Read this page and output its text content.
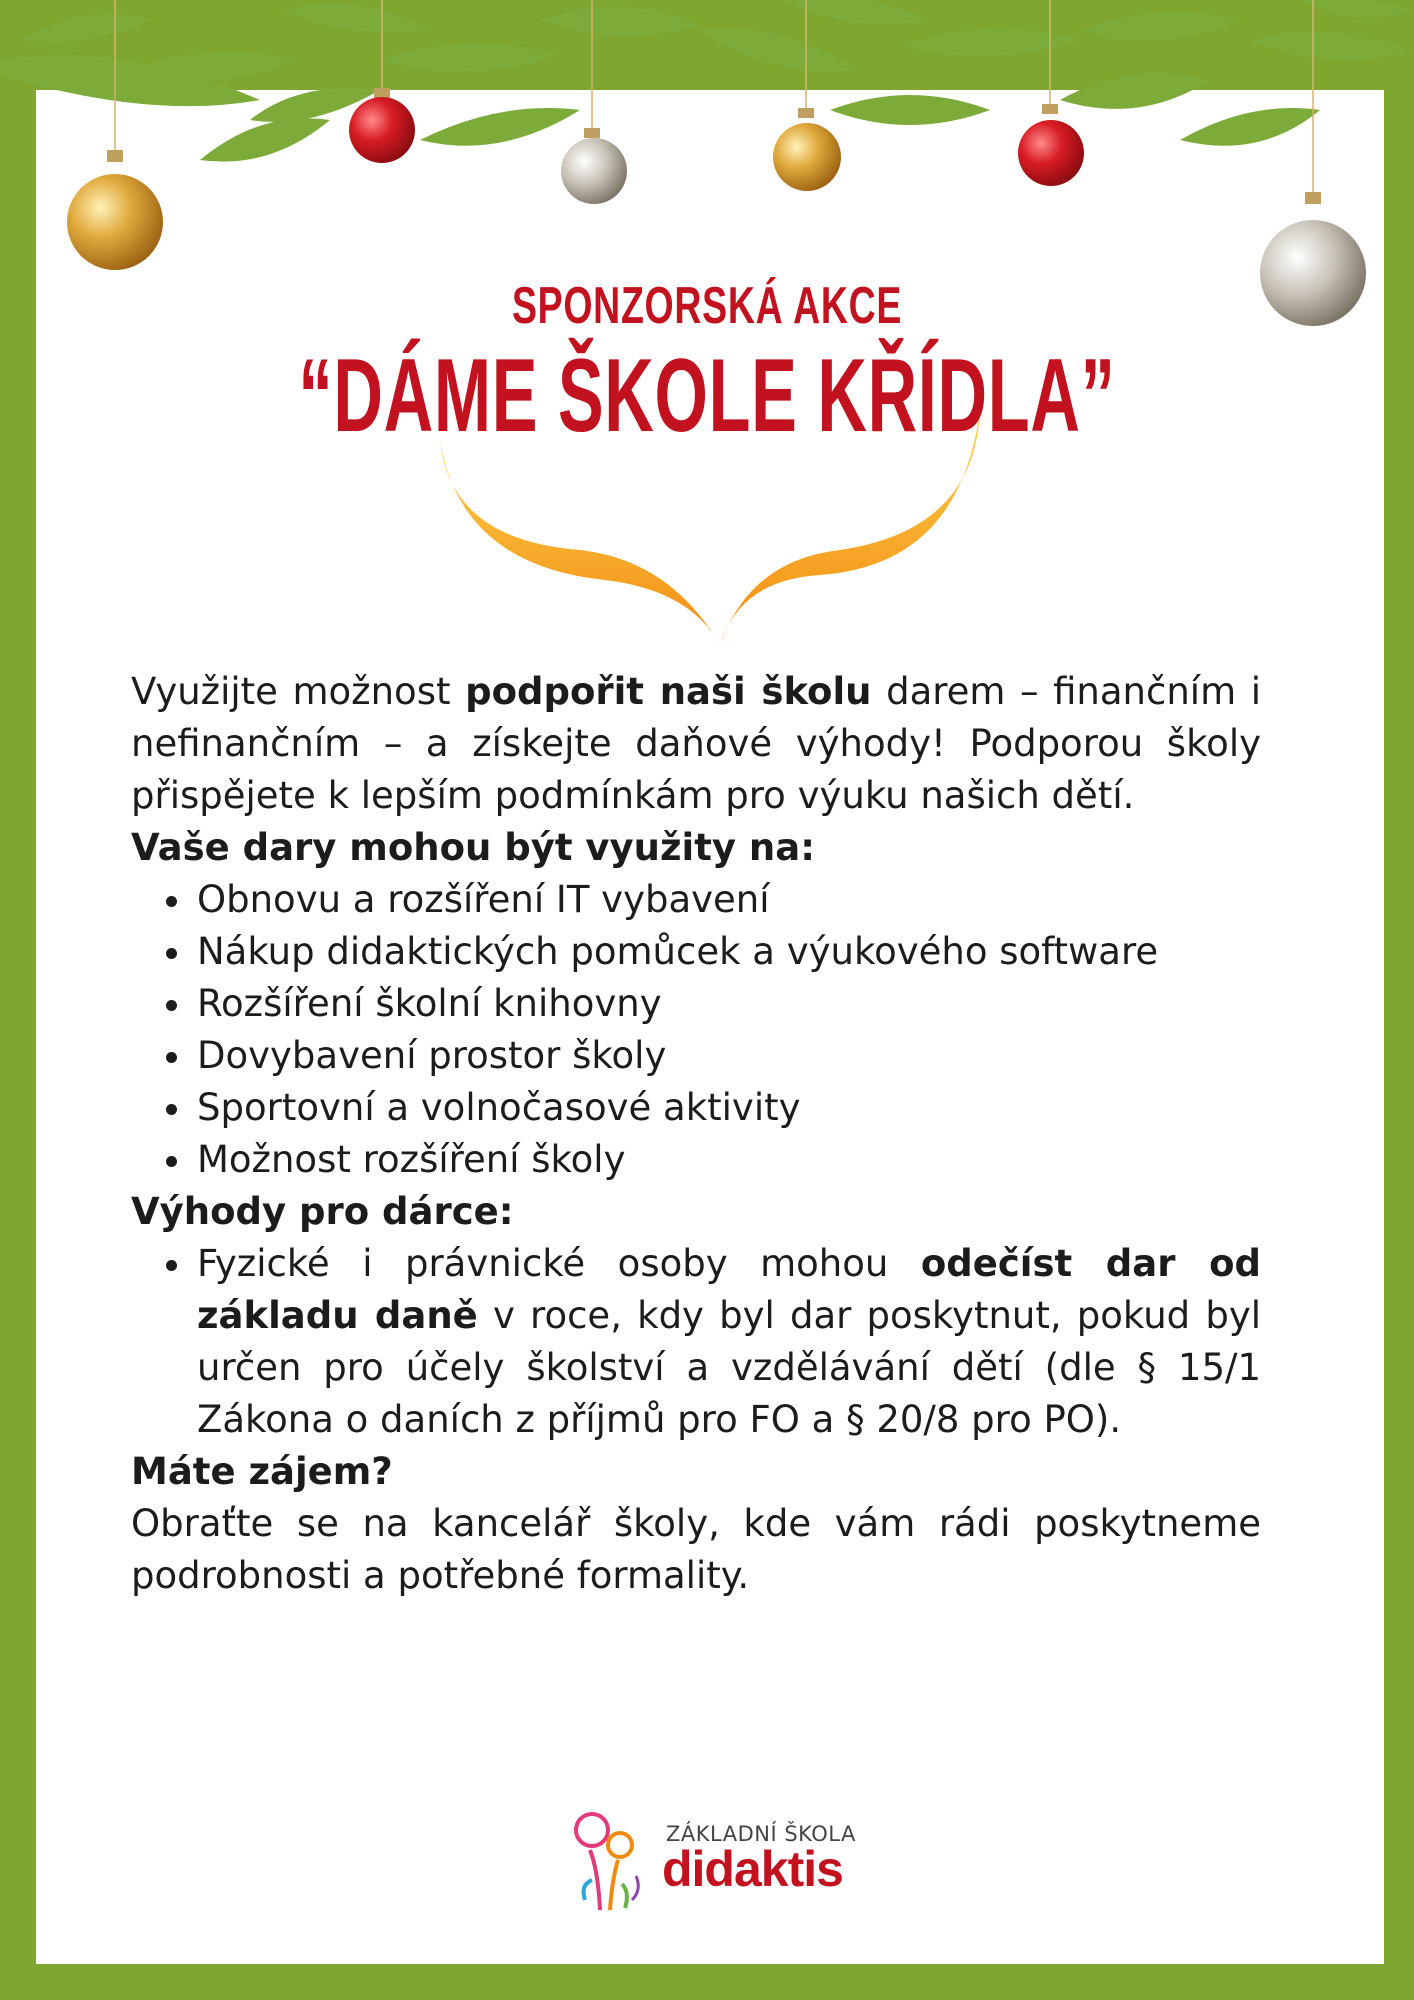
SPONZORSKÁ AKCE
“DÁME ŠKOLE KŘÍDLA”

Využijte možnost podpořit naši školu darem – finančním i nefinančním – a získejte daňové výhody! Podporou školy přispějete k lepším podmínkám pro výuku našich dětí.

Vaše dary mohou být využity na:

• Obnovu a rozšíření IT vybavení
• Nákup didaktických pomůcek a výukového software
• Rozšíření školní knihovny
• Dovybavení prostor školy
• Sportovní a volnočasové aktivity
• Možnost rozšíření školy

Výhody pro dárce:

• Fyzické i právnické osoby mohou odečíst dar od základu daně v roce, kdy byl dar poskytnut, pokud byl určen pro účely školství a vzdělávání dětí (dle § 15/1 Zákona o daních z příjmů pro FO a § 20/8 pro PO).

Máte zájem?

Obraťte se na kancelář školy, kde vám rádi poskytneme podrobnosti a potřebné formality.

ZÁKLADNÍ ŠKOLA
didaktis
